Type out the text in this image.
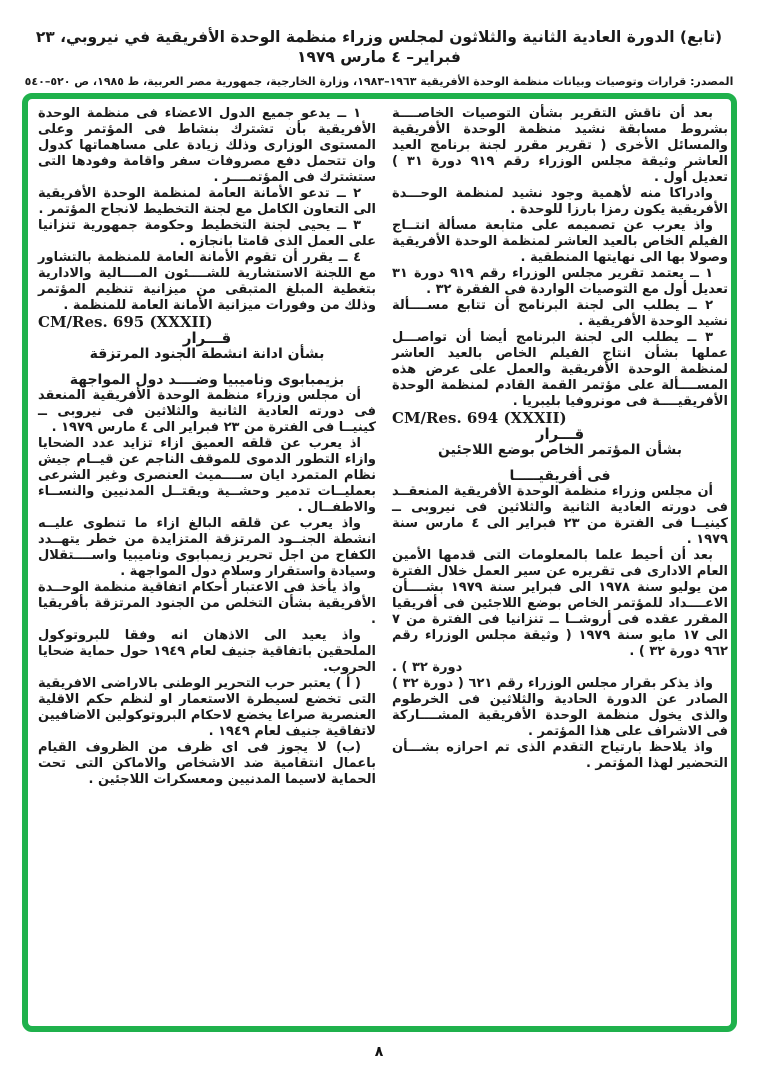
(تابع) الدورة العادية الثانية والثلاثون لمجلس وزراء منظمة الوحدة الأفريقية في نيروبي، ٢٣ فبراير– ٤ مارس ١٩٧٩
المصدر: قرارات وتوصيات وبيانات منظمة الوحدة الأفريقية ١٩٦٣–١٩٨٣، وزارة الخارجية، جمهورية مصر العربية، ط ١٩٨٥، ص ٥٢٠–٥٤٠

بعد أن ناقش التقرير بشأن التوصيات الخاصــــة بشروط مسابقة نشيد منظمة الوحدة الأفريقية والمسائل الأخرى ( تقرير مقرر لجنة برنامج العيد العاشر وثيقة مجلس الوزراء رقم ٩١٩ دورة ٣١ ) تعديل أول .

وادراكا منه لأهمية وجود نشيد لمنظمة الوحـــدة الأفريقية يكون رمزا بارزا للوحدة .

واذ يعرب عن تصميمه على متابعة مسألة انتــاج الفيلم الخاص بالعيد العاشر لمنظمة الوحدة الأفريقية وصولا بها الى نهايتها المنطقية .

١ ــ يعتمد تقرير مجلس الوزراء رقم ٩١٩ دورة ٣١ تعديل أول مع التوصيات الواردة فى الفقرة ٣٢ .

٢ ــ يطلب الى لجنة البرنامج أن تتابع مســــألة نشيد الوحدة الأفريقية .

٣ ــ يطلب الى لجنة البرنامج أيضا أن تواصـــل عملها بشأن انتاج الفيلم الخاص بالعيد العاشر لمنظمة الوحدة الأفريقية والعمل على عرض هذه المســــألة على مؤتمر القمة القادم لمنظمة الوحدة الأفريقيــــة فى مونروفيا بليبريا .

CM/Res. 694 (XXXII)

قـــرار

بشأن المؤتمر الخاص بوضع اللاجئين

فى أفريقيـــــا

أن مجلس وزراء منظمة الوحدة الأفريقية المنعقــد فى دورته العادية الثانية والثلاثين فى نيروبى ــ كينيــا فى الفترة من ٢٣ فبراير الى ٤ مارس سنة ١٩٧٩ .

بعد أن أحيط علما بالمعلومات التى قدمها الأمين العام الادارى فى تقريره عن سير العمل خلال الفترة من يوليو سنة ١٩٧٨ الى فبراير سنة ١٩٧٩ بشــــأن الاعــــداد للمؤتمر الخاص بوضع اللاجئين فى أفريقيا المقرر عقده فى أروشــا ــ تنزانيا فى الفترة من ٧ الى ١٧ مايو سنة ١٩٧٩ ( وثيقة مجلس الوزراء رقم ٩٦٢ دورة ٣٢ ) .

دورة ٣٢ ) .

واذ يذكر بقرار مجلس الوزراء رقم ٦٢١ ( دورة ٣٢ ) الصادر عن الدورة الحادية والثلاثين فى الخرطوم والذى يخول منظمة الوحدة الأفريقية المشــــاركة فى الاشراف على هذا المؤتمر .

واذ يلاحظ بارتياح التقدم الذى تم احرازه بشـــأن التحضير لهذا المؤتمر .

١ ــ يدعو جميع الدول الاعضاء فى منظمة الوحدة الأفريقية بأن تشترك بنشاط فى المؤتمر وعلى المستوى الوزارى وذلك زيادة على مساهماتها كدول وان تتحمل دفع مصروفات سفر واقامة وفودها التى ستشترك فى المؤتمــــر .

٢ ــ تدعو الأمانة العامة لمنظمة الوحدة الأفريقية الى التعاون الكامل مع لجنة التخطيط لانجاح المؤتمر .

٣ ــ يحيى لجنة التخطيط وحكومة جمهورية تنزانيا على العمل الذى قامتا بانجازه .

٤ ــ يقرر أن تقوم الأمانة العامة للمنظمة بالتشاور مع اللجنة الاستشارية للشــــئون المــــالية والادارية بتغطية المبلغ المتبقى من ميزانية تنظيم المؤتمر وذلك من وفورات ميزانية الأمانة العامة للمنظمة .

CM/Res. 695 (XXXII)

قـــرار

بشأن ادانة انشطة الجنود المرتزقة

بزيمبابوى وناميبيا وضــــد دول المواجهة

أن مجلس وزراء منظمة الوحدة الأفريقية المنعقد فى دورته العادية الثانية والثلاثين فى نيروبى ــ كينيــا فى الفترة من ٢٣ فبراير الى ٤ مارس ١٩٧٩ .

اذ يعرب عن قلقه العميق ازاء تزايد عدد الضحايا وازاء التطور الدموى للموقف الناجم عن قيــام جيش نظام المتمرد ايان ســــميث العنصرى وغير الشرعى بعمليــات تدمير وحشــية ويقتــل المدنيين والنســاء والاطفــال .

واذ يعرب عن قلقه البالغ ازاء ما تنطوى عليــه انشطة الجنــود المرتزقة المتزايدة من خطر يتهــدد الكفاح من اجل تحرير زيمبابوى وناميبيا واســــتقلال وسيادة واستقرار وسلام دول المواجهة .

واذ يأخذ فى الاعتبار أحكام اتفاقية منظمة الوحــدة الأفريقية بشأن التخلص من الجنود المرتزقة بأفريقيا .

واذ يعيد الى الاذهان انه وفقا للبروتوكول الملحقين باتفاقية جنيف لعام ١٩٤٩ حول حماية ضحايا الحروب.

( أ ) يعتبر حرب التحرير الوطنى بالاراضى الافريقية التى تخضع لسيطرة الاستعمار او لنظم حكم الاقلية العنصرية صراعا يخضع لاحكام البروتوكولين الاضافيين لاتفاقية جنيف لعام ١٩٤٩ .

(ب) لا يجوز فى اى ظرف من الظروف القيام باعمال انتقامية ضد الاشخاص والاماكن التى تحت الحماية لاسيما المدنيين ومعسكرات اللاجئين .

٨
